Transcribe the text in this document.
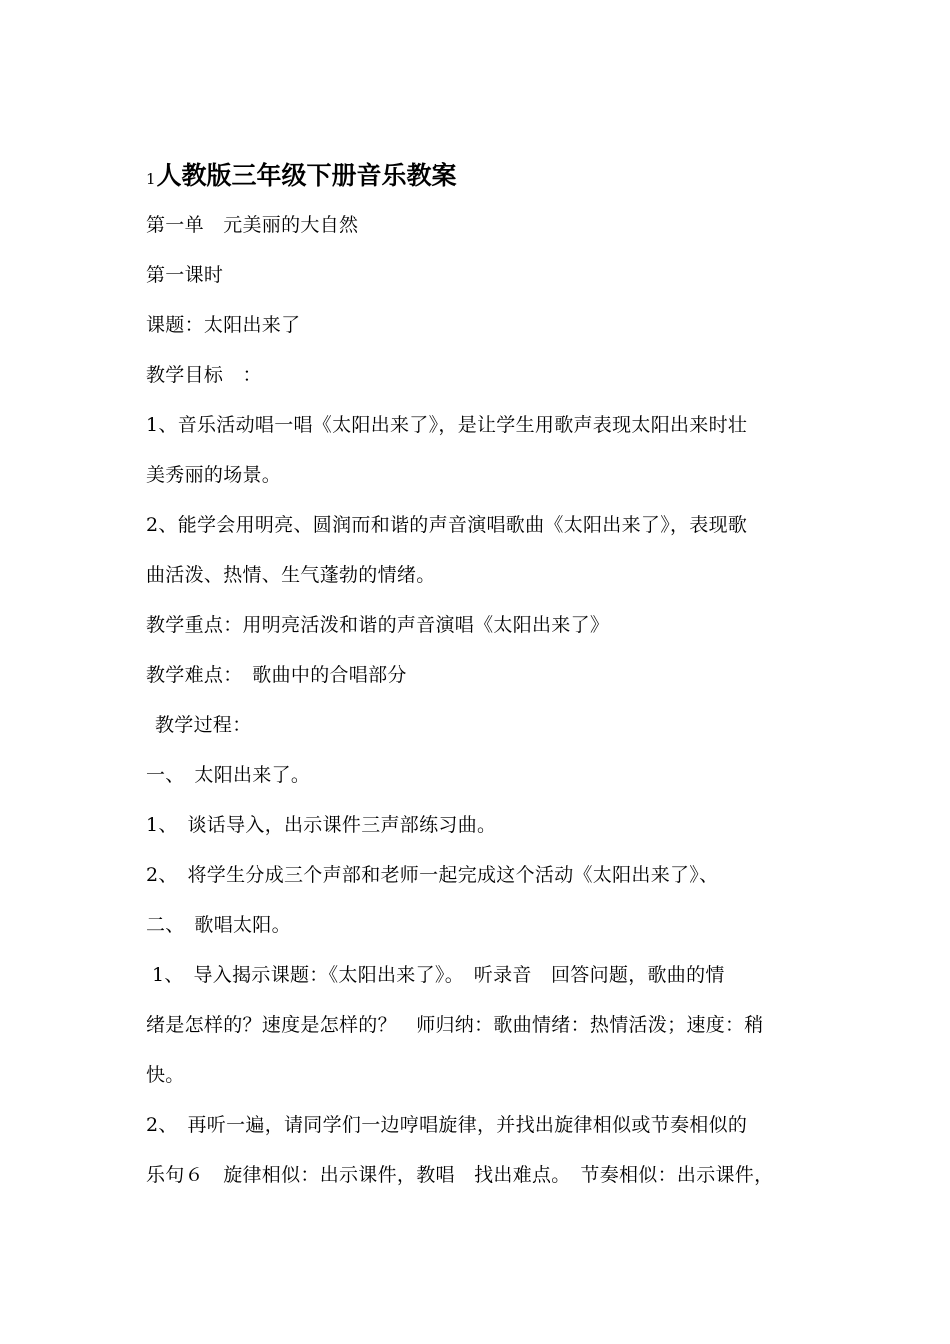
1人教版三年级下册音乐教案
第一单　元美丽的大自然
第一课时
课题：太阳出来了
教学目标　：
1、音乐活动唱一唱《太阳出来了》，是让学生用歌声表现太阳出来时壮
美秀丽的场景。
2、能学会用明亮、圆润而和谐的声音演唱歌曲《太阳出来了》，表现歌
曲活泼、热情、生气蓬勃的情绪。
教学重点：用明亮活泼和谐的声音演唱《太阳出来了》
教学难点：　歌曲中的合唱部分
教学过程：
一、　太阳出来了。
1、　谈话导入，出示课件三声部练习曲。
2、　将学生分成三个声部和老师一起完成这个活动《太阳出来了》、
二、　歌唱太阳。
1、　导入揭示课题：《太阳出来了》。　听录音　回答问题，歌曲的情
绪是怎样的？速度是怎样的？　师归纳：歌曲情绪：热情活泼；速度：稍
快。
2、　再听一遍，请同学们一边哼唱旋律，并找出旋律相似或节奏相似的
乐句６　旋律相似：出示课件，教唱　找出难点。　节奏相似：出示课件，
